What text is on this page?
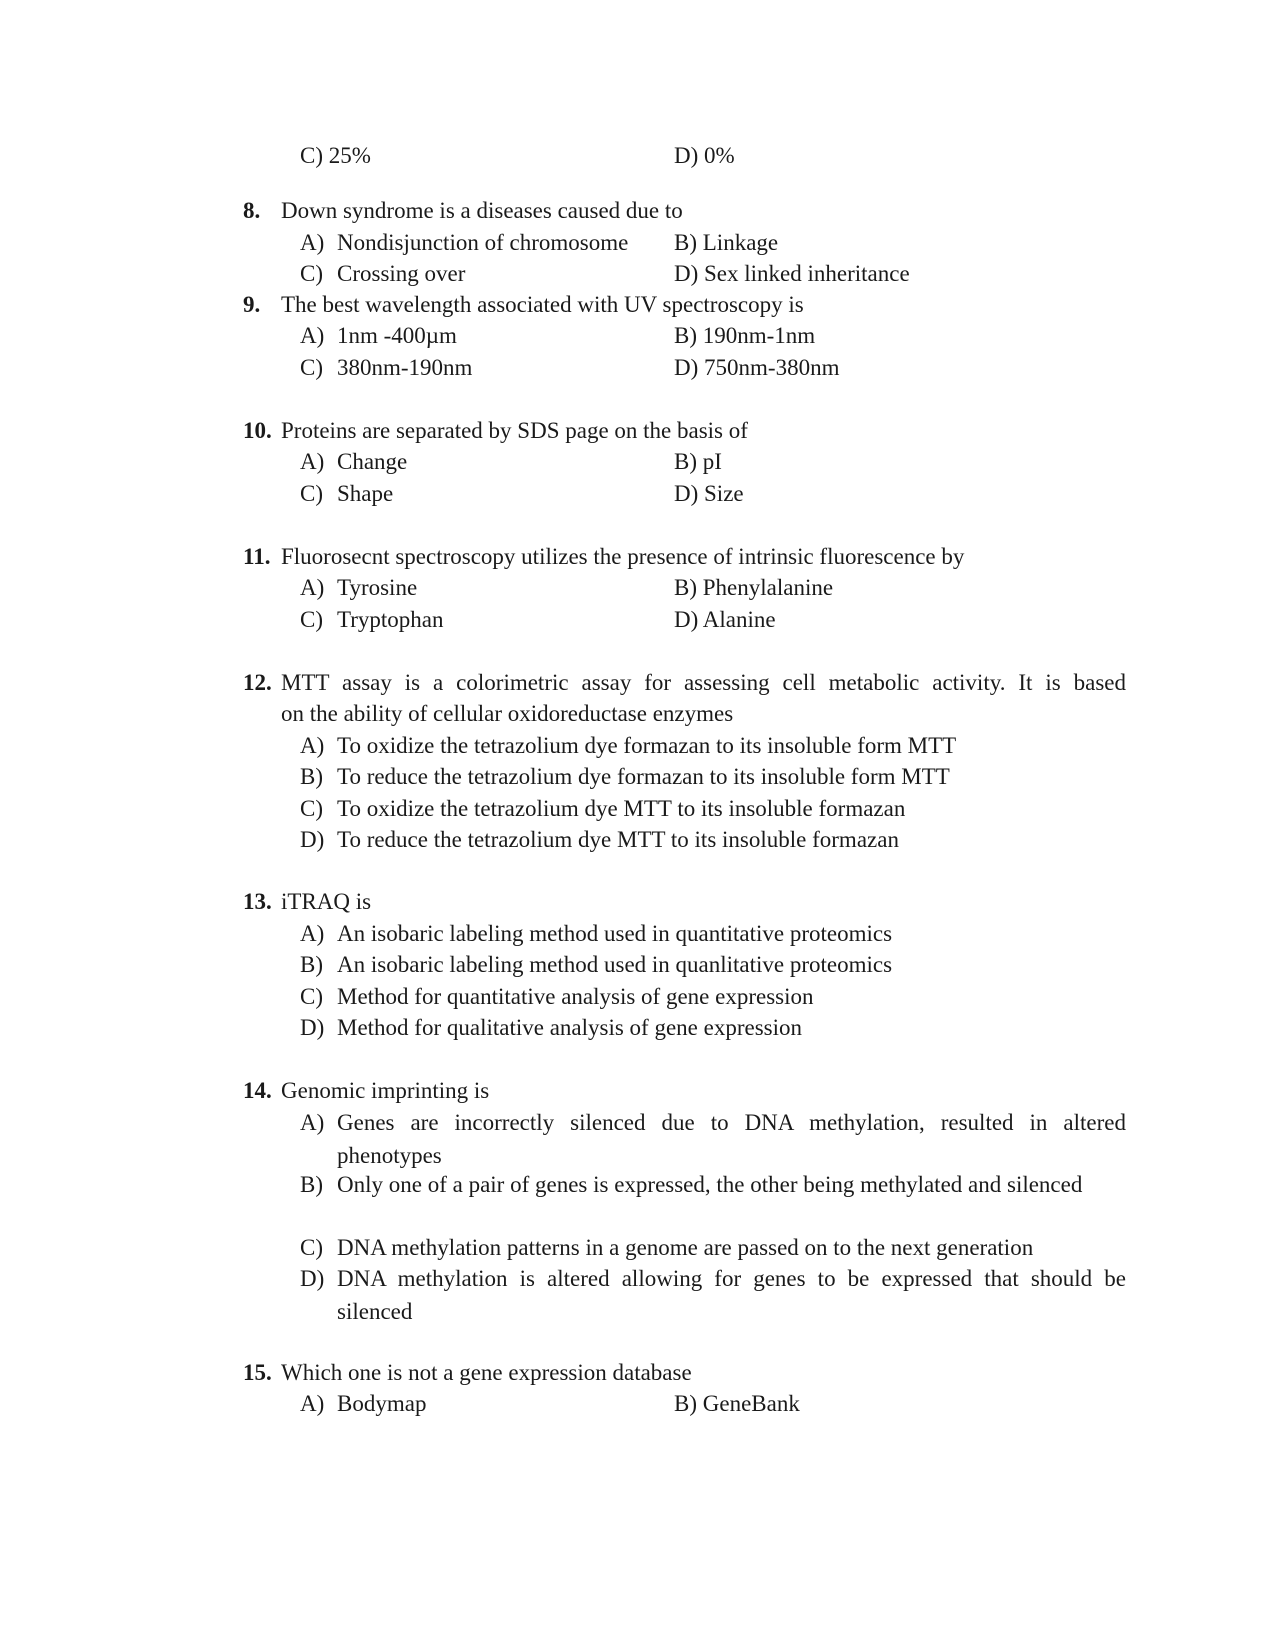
C) 25%	D) 0%
8. Down syndrome is a diseases caused due to
A) Nondisjunction of chromosome B) Linkage
C) Crossing over	D) Sex linked inheritance
9. The best wavelength associated with UV spectroscopy is
A) 1nm -400µm	B) 190nm-1nm
C) 380nm-190nm	D) 750nm-380nm
10. Proteins are separated by SDS page on the basis of
A) Change	B) pI
C) Shape	D) Size
11. Fluorosecnt spectroscopy utilizes the presence of intrinsic fluorescence by
A) Tyrosine	B) Phenylalanine
C) Tryptophan	D) Alanine
12. MTT assay is a colorimetric assay for assessing cell metabolic activity. It is based
on the ability of cellular oxidoreductase enzymes
A) To oxidize the tetrazolium dye formazan to its insoluble form MTT
B) To reduce the tetrazolium dye formazan to its insoluble form MTT
C) To oxidize the tetrazolium dye MTT to its insoluble formazan
D) To reduce the tetrazolium dye MTT to its insoluble formazan
13. iTRAQ is
A) An isobaric labeling method used in quantitative proteomics
B) An isobaric labeling method used in quanlitative proteomics
C) Method for quantitative analysis of gene expression
D) Method for qualitative analysis of gene expression
14. Genomic imprinting is
A) Genes are incorrectly silenced due to DNA methylation, resulted in altered phenotypes
B) Only one of a pair of genes is expressed, the other being methylated and silenced
C) DNA methylation patterns in a genome are passed on to the next generation
D) DNA methylation is altered allowing for genes to be expressed that should be silenced
15. Which one is not a gene expression database
A) Bodymap	B) GeneBank
